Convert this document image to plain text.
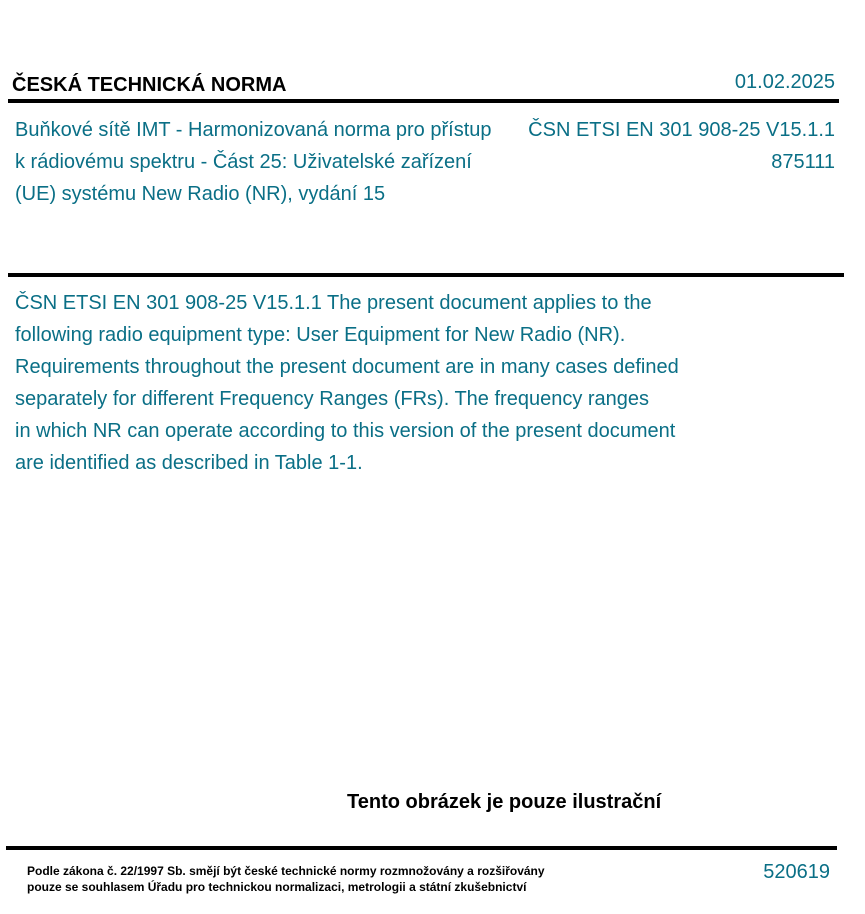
ČESKÁ TECHNICKÁ NORMA	01.02.2025
Buňkové sítě IMT - Harmonizovaná norma pro přístup
k rádiovému spektru - Část 25: Uživatelské zařízení
(UE) systému New Radio (NR), vydání 15
ČSN ETSI EN 301 908-25 V15.1.1
875111
ČSN ETSI EN 301 908-25 V15.1.1 The present document applies to the
following radio equipment type: User Equipment for New Radio (NR).
Requirements throughout the present document are in many cases defined
separately for different Frequency Ranges (FRs). The frequency ranges
in which NR can operate according to this version of the present document
are identified as described in Table 1-1.
Tento obrázek je pouze ilustrační
Podle zákona č. 22/1997 Sb. smějí být české technické normy rozmnožovány a rozšiřovány
pouze se souhlasem Úřadu pro technickou normalizaci, metrologii a státní zkušebnictví
520619
